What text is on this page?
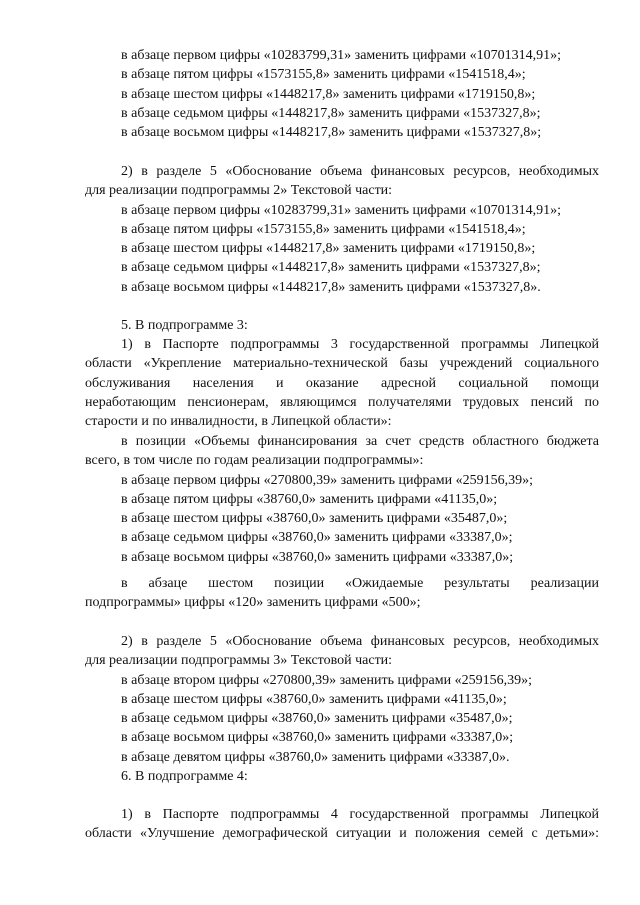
в абзаце первом цифры «10283799,31» заменить цифрами «10701314,91»;
в абзаце пятом цифры «1573155,8» заменить цифрами «1541518,4»;
в абзаце шестом цифры «1448217,8» заменить цифрами «1719150,8»;
в абзаце седьмом цифры «1448217,8» заменить цифрами «1537327,8»;
в абзаце восьмом цифры «1448217,8» заменить цифрами «1537327,8»;
2) в разделе 5 «Обоснование объема финансовых ресурсов, необходимых
для реализации подпрограммы 2» Текстовой части:
в абзаце первом цифры «10283799,31» заменить цифрами «10701314,91»;
в абзаце пятом цифры «1573155,8» заменить цифрами «1541518,4»;
в абзаце шестом цифры «1448217,8» заменить цифрами «1719150,8»;
в абзаце седьмом цифры «1448217,8» заменить цифрами «1537327,8»;
в абзаце восьмом цифры «1448217,8» заменить цифрами «1537327,8».
5. В подпрограмме 3:
1) в Паспорте подпрограммы 3 государственной программы Липецкой
области «Укрепление материально-технической базы учреждений социального
обслуживания населения и оказание адресной социальной помощи
неработающим пенсионерам, являющимся получателями трудовых пенсий по
старости и по инвалидности, в Липецкой области»:
в позиции «Объемы финансирования за счет средств областного бюджета
всего, в том числе по годам реализации подпрограммы»:
в абзаце первом цифры «270800,39» заменить цифрами «259156,39»;
в абзаце пятом цифры «38760,0» заменить цифрами «41135,0»;
в абзаце шестом цифры «38760,0» заменить цифрами «35487,0»;
в абзаце седьмом цифры «38760,0» заменить цифрами «33387,0»;
в абзаце восьмом цифры «38760,0» заменить цифрами «33387,0»;
в абзаце шестом позиции «Ожидаемые результаты реализации
подпрограммы» цифры «120» заменить цифрами «500»;
2) в разделе 5 «Обоснование объема финансовых ресурсов, необходимых
для реализации подпрограммы 3» Текстовой части:
в абзаце втором цифры «270800,39» заменить цифрами «259156,39»;
в абзаце шестом цифры «38760,0» заменить цифрами «41135,0»;
в абзаце седьмом цифры «38760,0» заменить цифрами «35487,0»;
в абзаце восьмом цифры «38760,0» заменить цифрами «33387,0»;
в абзаце девятом цифры «38760,0» заменить цифрами «33387,0».
6. В подпрограмме 4:
1) в Паспорте подпрограммы 4 государственной программы Липецкой
области «Улучшение демографической ситуации и положения семей с детьми»:
